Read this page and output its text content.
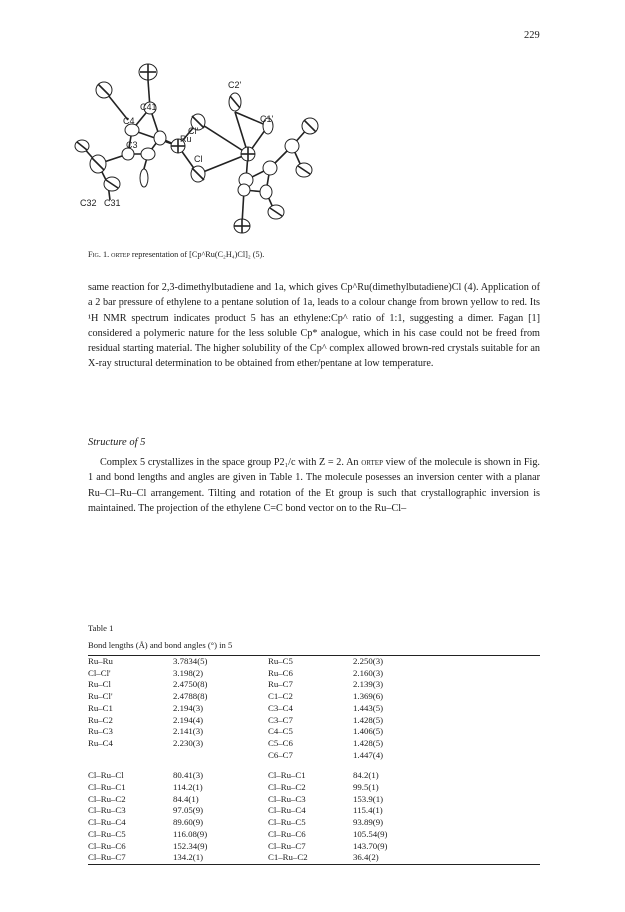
229
C41
C4
C3
Ru
Cl'
Cl
C2'
C1'
C32 C31
Fig. 1. ortep representation of [Cp^Ru(C₂H₄)Cl]₂ (5).

same reaction for 2,3-dimethylbutadiene and 1a, which gives Cp^Ru(dimethylbutadiene)Cl (4). Application of a 2 bar pressure of ethylene to a pentane solution of 1a, leads to a colour change from brown yellow to red. Its ¹H NMR spectrum indicates product 5 has an ethylene:Cp^ ratio of 1:1, suggesting a dimer. Fagan [1] considered a polymeric nature for the less soluble Cp* analogue, which in his case could not be freed from residual starting material. The higher solubility of the Cp^ complex allowed brown-red crystals suitable for an X-ray structural determination to be obtained from ether/pentane at low temperature.

Structure of 5

Complex 5 crystallizes in the space group P2₁/c with Z = 2. An ortep view of the molecule is shown in Fig. 1 and bond lengths and angles are given in Table 1. The molecule posesses an inversion center with a planar Ru–Cl–Ru–Cl arrangement. Tilting and rotation of the Et group is such that crystallographic inversion is maintained. The projection of the ethylene C=C bond vector on to the Ru–Cl–

Table 1
Bond lengths (Å) and bond angles (°) in 5
Ru–Ru	3.7834(5)	Ru–C5	2.250(3)
Cl–Cl'	3.198(2)	Ru–C6	2.160(3)
Ru–Cl	2.4750(8)	Ru–C7	2.139(3)
Ru–Cl'	2.4788(8)	C1–C2	1.369(6)
Ru–C1	2.194(3)	C3–C4	1.443(5)
Ru–C2	2.194(4)	C3–C7	1.428(5)
Ru–C3	2.141(3)	C4–C5	1.406(5)
Ru–C4	2.230(3)	C5–C6	1.428(5)
		C6–C7	1.447(4)

Cl–Ru–Cl	80.41(3)	Cl–Ru–C1	84.2(1)
Cl–Ru–C1	114.2(1)	Cl–Ru–C2	99.5(1)
Cl–Ru–C2	84.4(1)	Cl–Ru–C3	153.9(1)
Cl–Ru–C3	97.05(9)	Cl–Ru–C4	115.4(1)
Cl–Ru–C4	89.60(9)	Cl–Ru–C5	93.89(9)
Cl–Ru–C5	116.08(9)	Cl–Ru–C6	105.54(9)
Cl–Ru–C6	152.34(9)	Cl–Ru–C7	143.70(9)
Cl–Ru–C7	134.2(1)	C1–Ru–C2	36.4(2)
